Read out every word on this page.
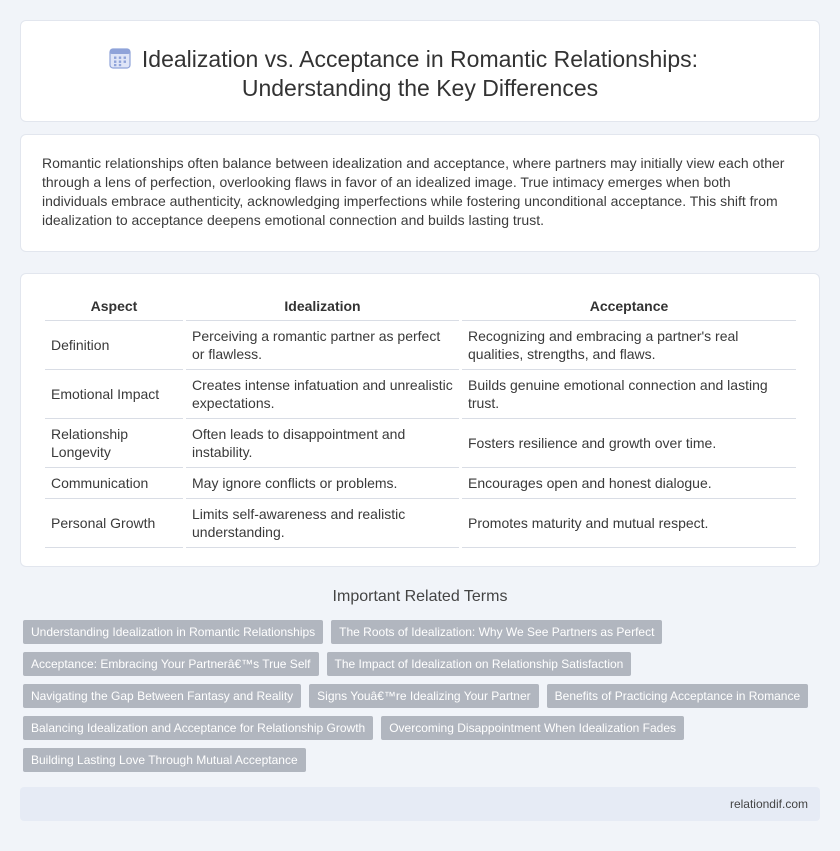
Idealization vs. Acceptance in Romantic Relationships:
Understanding the Key Differences

Romantic relationships often balance between idealization and acceptance, where partners may initially view each other through a lens of perfection, overlooking flaws in favor of an idealized image. True intimacy emerges when both individuals embrace authenticity, acknowledging imperfections while fostering unconditional acceptance. This shift from idealization to acceptance deepens emotional connection and builds lasting trust.

Aspect	Idealization	Acceptance
Definition	Perceiving a romantic partner as perfect or flawless.	Recognizing and embracing a partner's real qualities, strengths, and flaws.
Emotional Impact	Creates intense infatuation and unrealistic expectations.	Builds genuine emotional connection and lasting trust.
Relationship Longevity	Often leads to disappointment and instability.	Fosters resilience and growth over time.
Communication	May ignore conflicts or problems.	Encourages open and honest dialogue.
Personal Growth	Limits self-awareness and realistic understanding.	Promotes maturity and mutual respect.
Important Related Terms
Understanding Idealization in Romantic Relationships The Roots of Idealization: Why We See Partners as Perfect
Acceptance: Embracing Your Partnerâ€™s True Self The Impact of Idealization on Relationship Satisfaction
Navigating the Gap Between Fantasy and Reality Signs Youâ€™re Idealizing Your Partner Benefits of Practicing Acceptance in Romance
Balancing Idealization and Acceptance for Relationship Growth Overcoming Disappointment When Idealization Fades
Building Lasting Love Through Mutual Acceptance
relationdif.com
